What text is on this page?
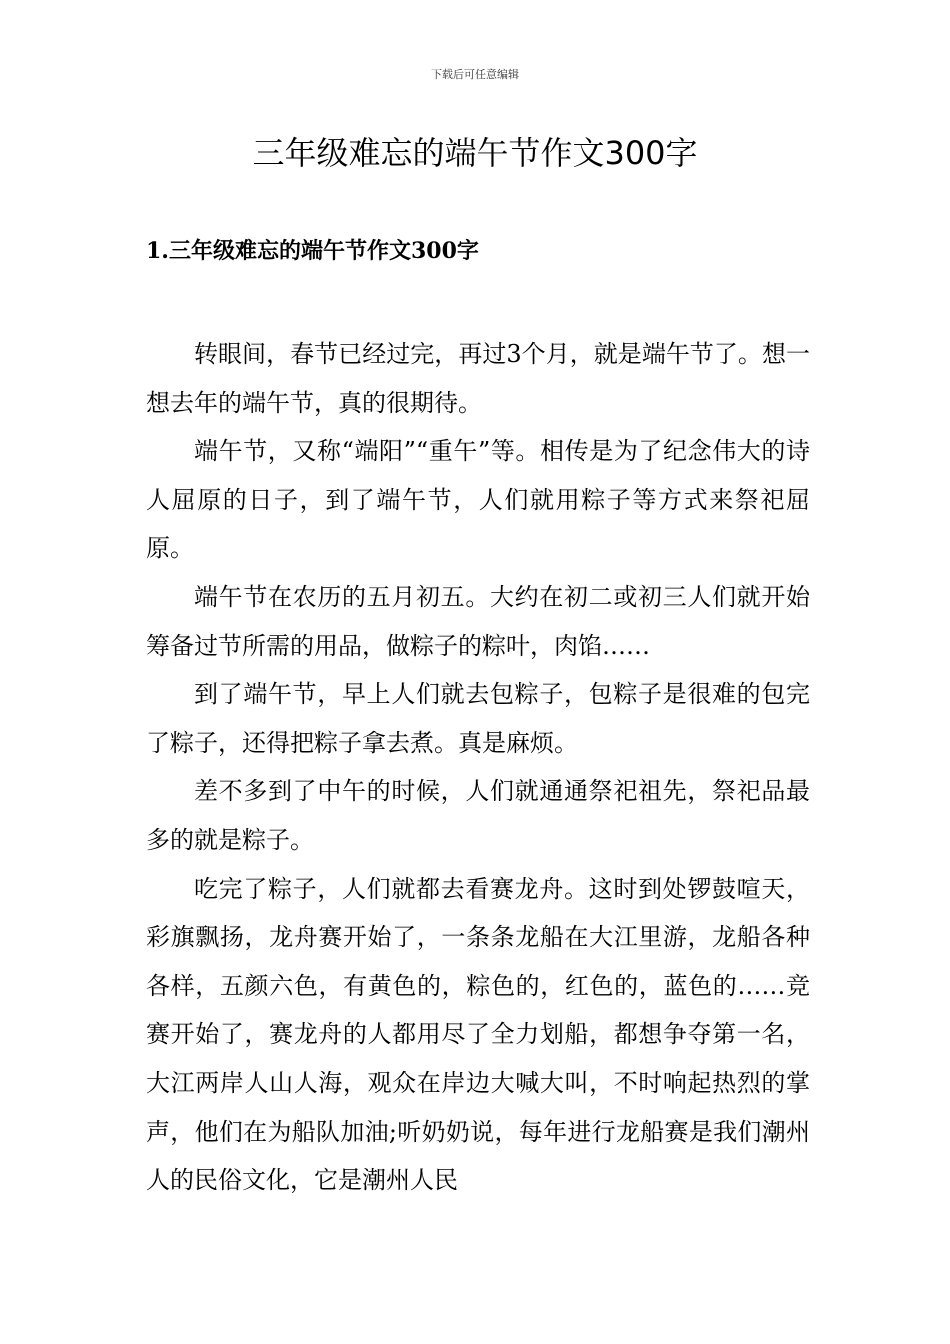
下载后可任意编辑
三年级难忘的端午节作文300字
1.三年级难忘的端午节作文300字

转眼间，春节已经过完，再过3个月，就是端午节了。想一想去年的端午节，真的很期待。

端午节，又称“端阳”“重午”等。相传是为了纪念伟大的诗人屈原的日子，到了端午节，人们就用粽子等方式来祭祀屈原。

端午节在农历的五月初五。大约在初二或初三人们就开始筹备过节所需的用品，做粽子的粽叶，肉馅……

到了端午节，早上人们就去包粽子，包粽子是很难的包完了粽子，还得把粽子拿去煮。真是麻烦。

差不多到了中午的时候，人们就通通祭祀祖先，祭祀品最多的就是粽子。

吃完了粽子，人们就都去看赛龙舟。这时到处锣鼓喧天，彩旗飘扬，龙舟赛开始了，一条条龙船在大江里游，龙船各种各样，五颜六色，有黄色的，粽色的，红色的，蓝色的……竞赛开始了，赛龙舟的人都用尽了全力划船，都想争夺第一名，大江两岸人山人海，观众在岸边大喊大叫，不时响起热烈的掌声，他们在为船队加油;听奶奶说，每年进行龙船赛是我们潮州人的民俗文化，它是潮州人民
